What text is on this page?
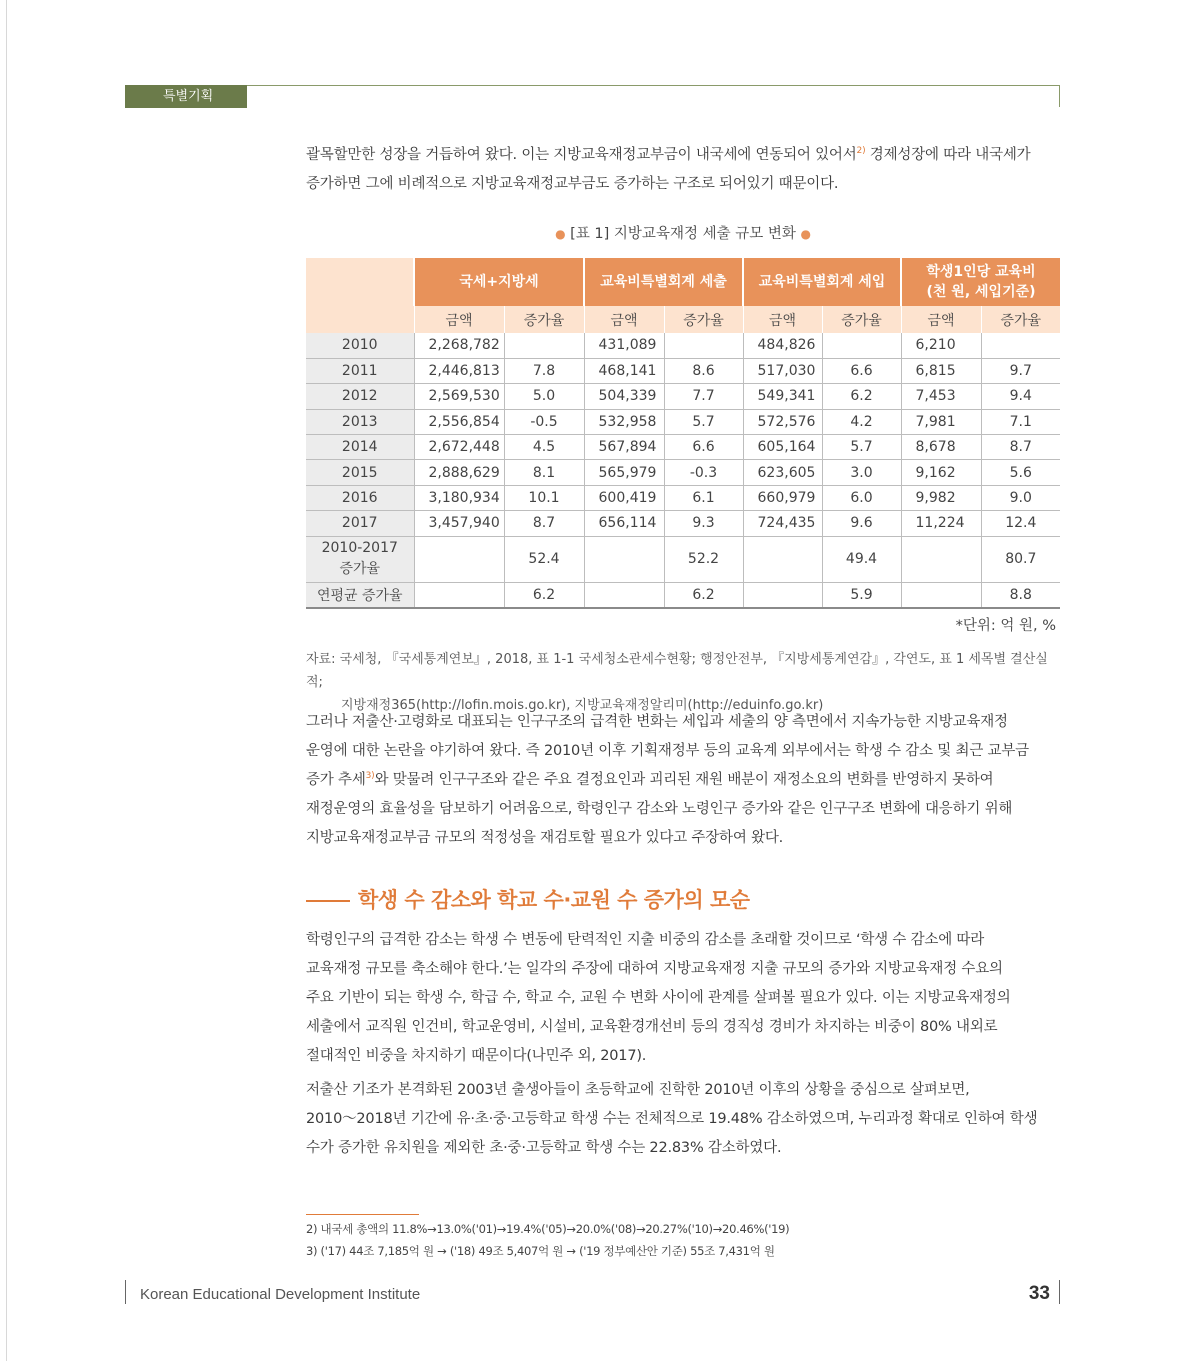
특별기획
괄목할만한 성장을 거듭하여 왔다. 이는 지방교육재정교부금이 내국세에 연동되어 있어서$^{2)}$ 경제성장에 따라 내국세가
증가하면 그에 비례적으로 지방교육재정교부금도 증가하는 구조로 되어있기 때문이다.
● [표 1] 지방교육재정 세출 규모 변화 ●
	국세+지방세		교육비특별회계 세출		교육비특별회계 세입		학생1인당 교육비
(천 원, 세입기준)	

	금액	증가율	금액	증가율	금액	증가율	금액	증가율
2010	2,268,782		431,089		484,826		6,210	
2011	2,446,813	7.8	468,141	8.6	517,030	6.6	6,815	9.7
2012	2,569,530	5.0	504,339	7.7	549,341	6.2	7,453	9.4
2013	2,556,854	-0.5	532,958	5.7	572,576	4.2	7,981	7.1
2014	2,672,448	4.5	567,894	6.6	605,164	5.7	8,678	8.7
2015	2,888,629	8.1	565,979	-0.3	623,605	3.0	9,162	5.6
2016	3,180,934	10.1	600,419	6.1	660,979	6.0	9,982	9.0
2017	3,457,940	8.7	656,114	9.3	724,435	9.6	11,224	12.4

2010-2017
증가율		52.4		52.2		49.4		80.7
연평균 증가율		6.2		6.2		5.9		8.8
*단위: 억 원, %
자료: 국세청, 『국세통계연보』, 2018, 표 1-1 국세청소관세수현황; 행정안전부, 『지방세통계연감』, 각연도, 표 1 세목별 결산실적;
지방재정365(http://lofin.mois.go.kr), 지방교육재정알리미(http://eduinfo.go.kr)
그러나 저출산·고령화로 대표되는 인구구조의 급격한 변화는 세입과 세출의 양 측면에서 지속가능한 지방교육재정
운영에 대한 논란을 야기하여 왔다. 즉 2010년 이후 기획재정부 등의 교육계 외부에서는 학생 수 감소 및 최근 교부금
증가 추세$^{3)}$와 맞물려 인구구조와 같은 주요 결정요인과 괴리된 재원 배분이 재정소요의 변화를 반영하지 못하여
재정운영의 효율성을 담보하기 어려움으로, 학령인구 감소와 노령인구 증가와 같은 인구구조 변화에 대응하기 위해
지방교육재정교부금 규모의 적정성을 재검토할 필요가 있다고 주장하여 왔다.
학생 수 감소와 학교 수·교원 수 증가의 모순
학령인구의 급격한 감소는 학생 수 변동에 탄력적인 지출 비중의 감소를 초래할 것이므로 ‘학생 수 감소에 따라
교육재정 규모를 축소해야 한다.’는 일각의 주장에 대하여 지방교육재정 지출 규모의 증가와 지방교육재정 수요의
주요 기반이 되는 학생 수, 학급 수, 학교 수, 교원 수 변화 사이에 관계를 살펴볼 필요가 있다. 이는 지방교육재정의
세출에서 교직원 인건비, 학교운영비, 시설비, 교육환경개선비 등의 경직성 경비가 차지하는 비중이 80% 내외로
절대적인 비중을 차지하기 때문이다(나민주 외, 2017).
저출산 기조가 본격화된 2003년 출생아들이 초등학교에 진학한 2010년 이후의 상황을 중심으로 살펴보면,
2010～2018년 기간에 유·초·중·고등학교 학생 수는 전체적으로 19.48% 감소하였으며, 누리과정 확대로 인하여 학생
수가 증가한 유치원을 제외한 초·중·고등학교 학생 수는 22.83% 감소하였다.
2) 내국세 총액의 11.8%→13.0%('01)→19.4%('05)→20.0%('08)→20.27%('10)→20.46%('19)
3) ('17) 44조 7,185억 원 → ('18) 49조 5,407억 원 → ('19 정부예산안 기준) 55조 7,431억 원
Korean Educational Development Institute	33
